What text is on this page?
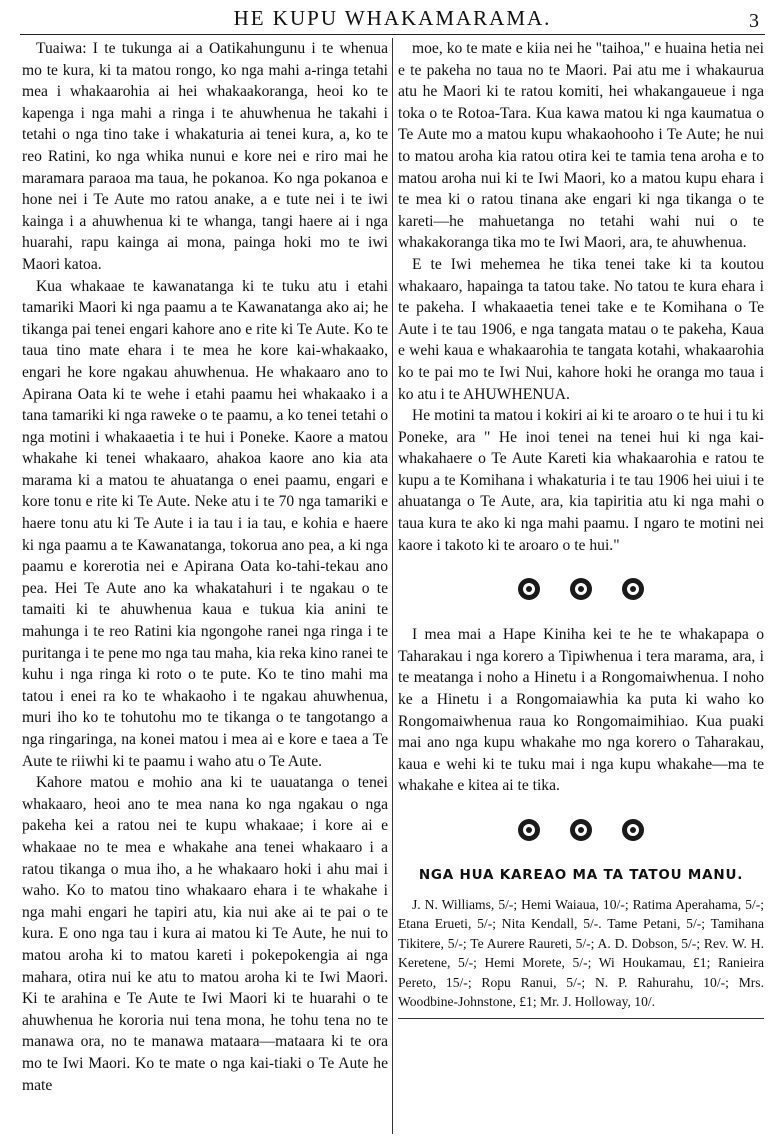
HE KUPU WHAKAMARAMA.	3

Tuaiwa: I te tukunga ai a Oatikahungunu i te whenua mo te kura, ki ta matou rongo, ko nga mahi a-ringa tetahi mea i whakaarohia ai hei whakaakoranga, heoi ko te kapenga i nga mahi a ringa i te ahuwhenua he takahi i tetahi o nga tino take i whakaturia ai tenei kura, a, ko te reo Ratini, ko nga whika nunui e kore nei e riro mai he maramara paraoa ma taua, he pokanoa. Ko nga pokanoa e hone nei i Te Aute mo ratou anake, a e tute nei i te iwi kainga i a ahuwhenua ki te whanga, tangi haere ai i nga huarahi, rapu kainga ai mona, painga hoki mo te iwi Maori katoa.

Kua whakaae te kawanatanga ki te tuku atu i etahi tamariki Maori ki nga paamu a te Kawanatanga ako ai; he tikanga pai tenei engari kahore ano e rite ki Te Aute. Ko te taua tino mate ehara i te mea he kore kai-whakaako, engari he kore ngakau ahuwhenua. He whakaaro ano to Apirana Oata ki te wehe i etahi paamu hei whakaako i a tana tamariki ki nga raweke o te paamu, a ko tenei tetahi o nga motini i whakaaetia i te hui i Poneke. Kaore a matou whakahe ki tenei whakaaro, ahakoa kaore ano kia ata marama ki a matou te ahuatanga o enei paamu, engari e kore tonu e rite ki Te Aute. Neke atu i te 70 nga tamariki e haere tonu atu ki Te Aute i ia tau i ia tau, e kohia e haere ki nga paamu a te Kawanatanga, tokorua ano pea, a ki nga paamu e korerotia nei e Apirana Oata ko-tahi-tekau ano pea. Hei Te Aute ano ka whakatahuri i te ngakau o te tamaiti ki te ahuwhenua kaua e tukua kia anini te mahunga i te reo Ratini kia ngongohe ranei nga ringa i te puritanga i te pene mo nga tau maha, kia reka kino ranei te kuhu i nga ringa ki roto o te pute. Ko te tino mahi ma tatou i enei ra ko te whakaoho i te ngakau ahuwhenua, muri iho ko te tohutohu mo te tikanga o te tangotango a nga ringaringa, na konei matou i mea ai e kore e taea a Te Aute te riiwhi ki te paamu i waho atu o Te Aute.

Kahore matou e mohio ana ki te uauatanga o tenei whakaaro, heoi ano te mea nana ko nga ngakau o nga pakeha kei a ratou nei te kupu whakaae; i kore ai e whakaae no te mea e whakahe ana tenei whakaaro i a ratou tikanga o mua iho, a he whakaaro hoki i ahu mai i waho. Ko to matou tino whakaaro ehara i te whakahe i nga mahi engari he tapiri atu, kia nui ake ai te pai o te kura. E ono nga tau i kura ai matou ki Te Aute, he nui to matou aroha ki to matou kareti i pokepokengia ai nga mahara, otira nui ke atu to matou aroha ki te Iwi Maori. Ki te arahina e Te Aute te Iwi Maori ki te huarahi o te ahuwhenua he kororia nui tena mona, he tohu tena no te manawa ora, no te manawa mataara—mataara ki te ora mo te Iwi Maori. Ko te mate o nga kai-tiaki o Te Aute he mate

moe, ko te mate e kiia nei he "taihoa," e huaina hetia nei e te pakeha no taua no te Maori. Pai atu me i whakaurua atu he Maori ki te ratou komiti, hei whakangaueue i nga toka o te Rotoa-Tara. Kua kawa matou ki nga kaumatua o Te Aute mo a matou kupu whakaohooho i Te Aute; he nui to matou aroha kia ratou otira kei te tamia tena aroha e to matou aroha nui ki te Iwi Maori, ko a matou kupu ehara i te mea ki o ratou tinana ake engari ki nga tikanga o te kareti—he mahuetanga no tetahi wahi nui o te whakakoranga tika mo te Iwi Maori, ara, te ahuwhenua.

E te Iwi mehemea he tika tenei take ki ta koutou whakaaro, hapainga ta tatou take. No tatou te kura ehara i te pakeha. I whakaaetia tenei take e te Komihana o Te Aute i te tau 1906, e nga tangata matau o te pakeha, Kaua e wehi kaua e whakaarohia te tangata kotahi, whakaarohia ko te pai mo te Iwi Nui, kahore hoki he oranga mo taua i ko atu i te AHUWHENUA.

He motini ta matou i kokiri ai ki te aroaro o te hui i tu ki Poneke, ara " He inoi tenei na tenei hui ki nga kai-whakahaere o Te Aute Kareti kia whakaarohia e ratou te kupu a te Komihana i whakaturia i te tau 1906 hei uiui i te ahuatanga o Te Aute, ara, kia tapiritia atu ki nga mahi o taua kura te ako ki nga mahi paamu. I ngaro te motini nei kaore i takoto ki te aroaro o te hui."

I mea mai a Hape Kiniha kei te he te whakapapa o Taharakau i nga korero a Tipiwhenua i tera marama, ara, i te meatanga i noho a Hinetu i a Rongomaiwhenua. I noho ke a Hinetu i a Rongomaiawhia ka puta ki waho ko Rongomaiwhenua raua ko Rongomaimihiao. Kua puaki mai ano nga kupu whakahe mo nga korero o Taharakau, kaua e wehi ki te tuku mai i nga kupu whakahe—ma te whakahe e kitea ai te tika.

NGA HUA KAREAO MA TA TATOU MANU.

J. N. Williams, 5/-; Hemi Waiaua, 10/-; Ratima Aperahama, 5/-; Etana Erueti, 5/-; Nita Kendall, 5/-. Tame Petani, 5/-; Tamihana Tikitere, 5/-; Te Aurere Raureti, 5/-; A. D. Dobson, 5/-; Rev. W. H. Keretene, 5/-; Hemi Morete, 5/-; Wi Houkamau, £1; Ranieira Pereto, 15/-; Ropu Ranui, 5/-; N. P. Rahurahu, 10/-; Mrs. Woodbine-Johnstone, £1; Mr. J. Holloway, 10/.
